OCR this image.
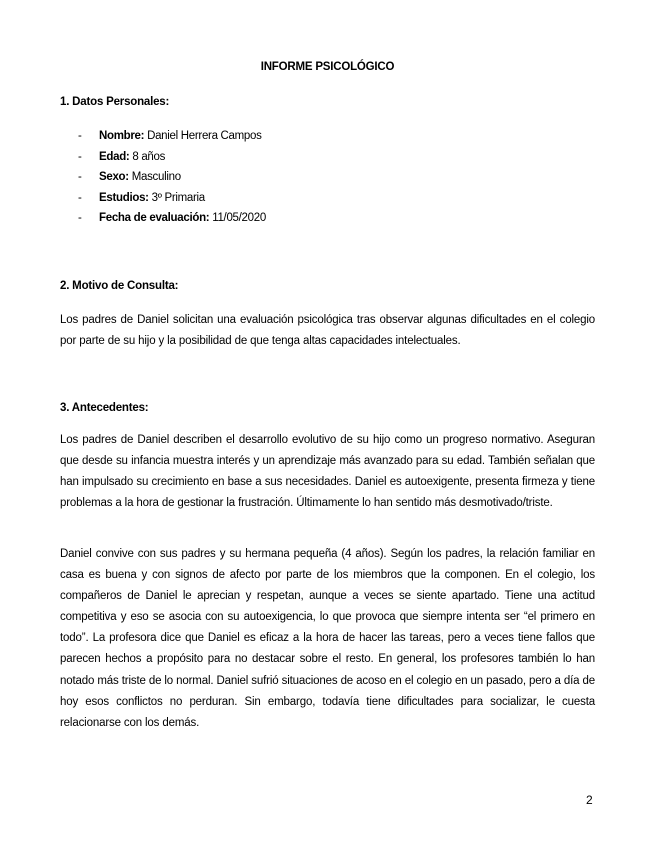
INFORME PSICOLÓGICO
1. Datos Personales:
- Nombre: Daniel Herrera Campos
- Edad: 8 años
- Sexo: Masculino
- Estudios: 3º Primaria
- Fecha de evaluación: 11/05/2020
2. Motivo de Consulta:

Los padres de Daniel solicitan una evaluación psicológica tras observar algunas dificultades en el colegio por parte de su hijo y la posibilidad de que tenga altas capacidades intelectuales.

3. Antecedentes:

Los padres de Daniel describen el desarrollo evolutivo de su hijo como un progreso normativo. Aseguran que desde su infancia muestra interés y un aprendizaje más avanzado para su edad. También señalan que han impulsado su crecimiento en base a sus necesidades. Daniel es autoexigente, presenta firmeza y tiene problemas a la hora de gestionar la frustración. Últimamente lo han sentido más desmotivado/triste.

Daniel convive con sus padres y su hermana pequeña (4 años). Según los padres, la relación familiar en casa es buena y con signos de afecto por parte de los miembros que la componen. En el colegio, los compañeros de Daniel le aprecian y respetan, aunque a veces se siente apartado. Tiene una actitud competitiva y eso se asocia con su autoexigencia, lo que provoca que siempre intenta ser “el primero en todo”. La profesora dice que Daniel es eficaz a la hora de hacer las tareas, pero a veces tiene fallos que parecen hechos a propósito para no destacar sobre el resto. En general, los profesores también lo han notado más triste de lo normal. Daniel sufrió situaciones de acoso en el colegio en un pasado, pero a día de hoy esos conflictos no perduran. Sin embargo, todavía tiene dificultades para socializar, le cuesta relacionarse con los demás.

2
